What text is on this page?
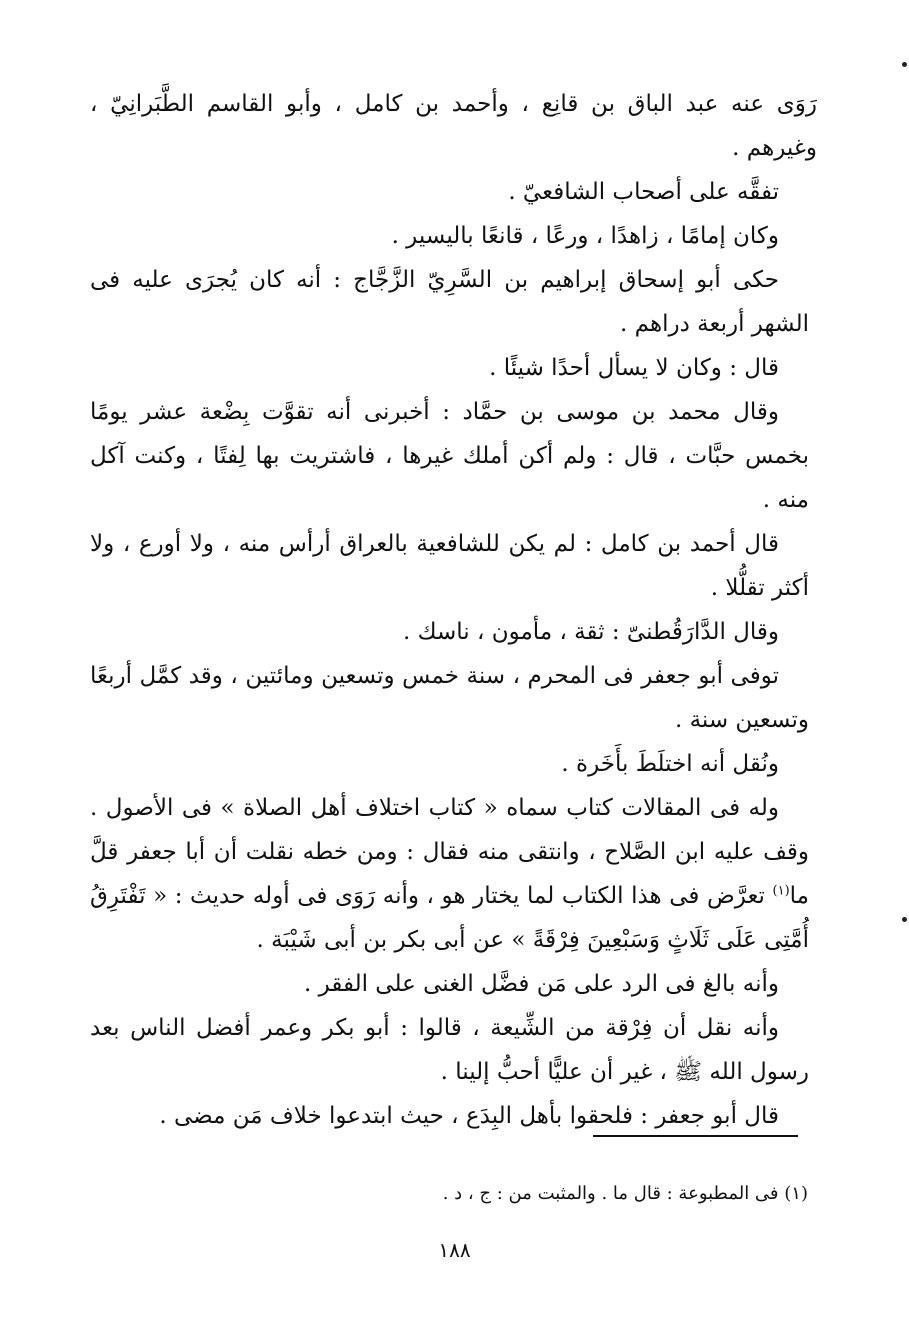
رَوَى عنه عبد الباق بن قانِع ، وأحمد بن كامل ، وأبو القاسم الطَّبَرانِيّ ، وغيرهم .

تفقَّه على أصحاب الشافعيّ .

وكان إمامًا ، زاهدًا ، ورعًا ، قانعًا باليسير .

حكى أبو إسحاق إبراهيم بن السَّرِيّ الزَّجَّاج : أنه كان يُجرَى عليه فى الشهر أربعة دراهم .

قال : وكان لا يسأل أحدًا شيئًا .

وقال محمد بن موسى بن حمَّاد : أخبرنى أنه تقوَّت بِضْعة عشر يومًا بخمس حبَّات ، قال : ولم أكن أملك غيرها ، فاشتريت بها لِفتًا ، وكنت آكل منه .

قال أحمد بن كامل : لم يكن للشافعية بالعراق أرأس منه ، ولا أورع ، ولا أكثر تقلُّلا .

وقال الدَّارَقُطنىّ : ثقة ، مأمون ، ناسك .

توفى أبو جعفر فى المحرم ، سنة خمس وتسعين ومائتين ، وقد كمَّل أربعًا وتسعين سنة .

ونُقل أنه اختلَطَ بأَخَرة .

وله فى المقالات كتاب سماه « كتاب اختلاف أهل الصلاة » فى الأصول . وقف عليه ابن الصَّلاح ، وانتقى منه فقال : ومن خطه نقلت أن أبا جعفر قلَّ ما$^{(١)}$ تعرَّض فى هذا الكتاب لما يختار هو ، وأنه رَوَى فى أوله حديث : « تَفْتَرِقُ أُمَّتِى عَلَى ثَلَاثٍ وَسَبْعِينَ فِرْقَةً » عن أبى بكر بن أبى شَيْبَة .

وأنه بالغ فى الرد على مَن فضَّل الغنى على الفقر .

وأنه نقل أن فِرْقة من الشِّيعة ، قالوا : أبو بكر وعمر أفضل الناس بعد رسول الله ﷺ ، غير أن عليًّا أحبُّ إلينا .

قال أبو جعفر : فلحقوا بأهل البِدَع ، حيث ابتدعوا خلاف مَن مضى .

(١) فى المطبوعة : قال ما . والمثبت من : ج ، د .
١٨٨
